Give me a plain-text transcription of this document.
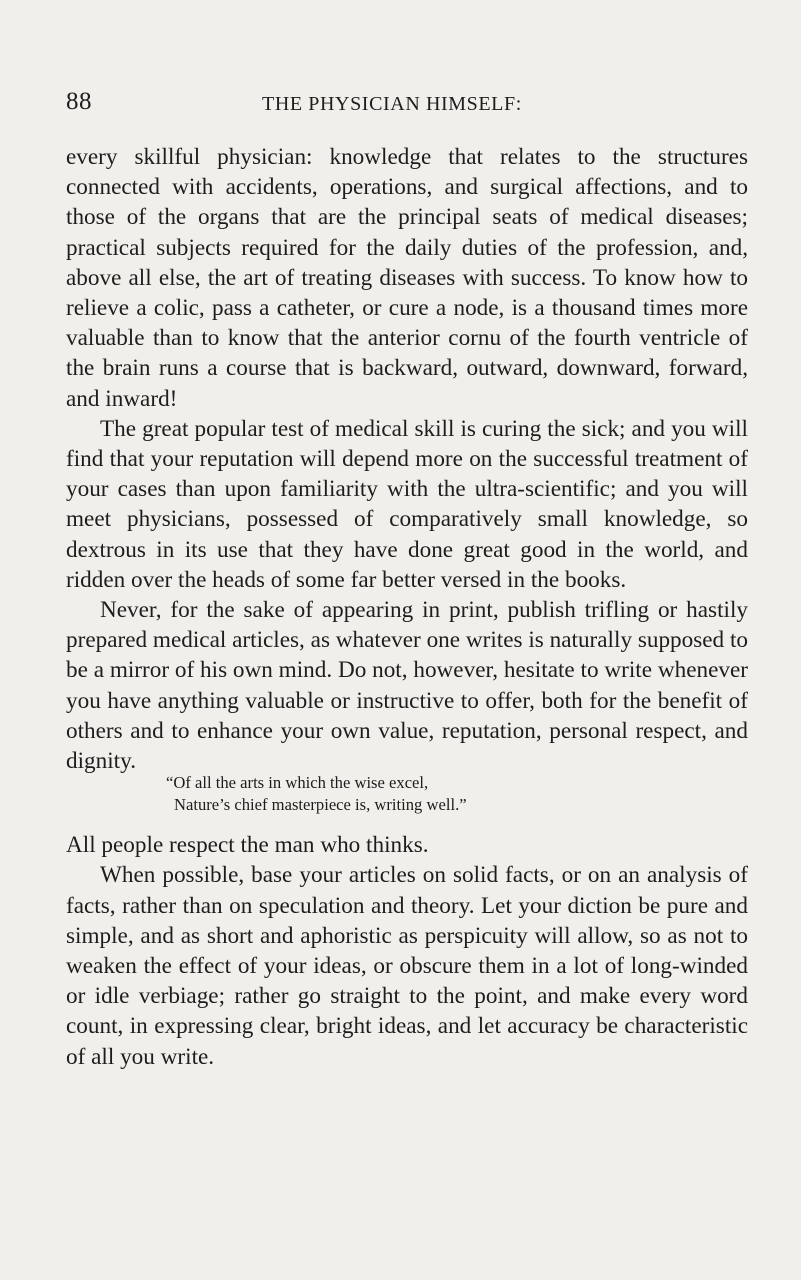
88	THE PHYSICIAN HIMSELF:

every skillful physician: knowledge that relates to the structures connected with accidents, operations, and surgical affections, and to those of the organs that are the principal seats of medical diseases; practical subjects required for the daily duties of the profession, and, above all else, the art of treating diseases with success. To know how to relieve a colic, pass a catheter, or cure a node, is a thousand times more valuable than to know that the anterior cornu of the fourth ventricle of the brain runs a course that is backward, outward, downward, forward, and inward!

The great popular test of medical skill is curing the sick; and you will find that your reputation will depend more on the successful treatment of your cases than upon familiarity with the ultra-scientific; and you will meet physicians, possessed of comparatively small knowledge, so dextrous in its use that they have done great good in the world, and ridden over the heads of some far better versed in the books.

Never, for the sake of appearing in print, publish trifling or hastily prepared medical articles, as whatever one writes is naturally supposed to be a mirror of his own mind. Do not, however, hesitate to write whenever you have anything valuable or instructive to offer, both for the benefit of others and to enhance your own value, reputation, personal respect, and dignity.

“Of all the arts in which the wise excel,
Nature’s chief masterpiece is, writing well.”

All people respect the man who thinks.

When possible, base your articles on solid facts, or on an analysis of facts, rather than on speculation and theory. Let your diction be pure and simple, and as short and aphoristic as perspicuity will allow, so as not to weaken the effect of your ideas, or obscure them in a lot of long-winded or idle verbiage; rather go straight to the point, and make every word count, in expressing clear, bright ideas, and let accuracy be characteristic of all you write.
